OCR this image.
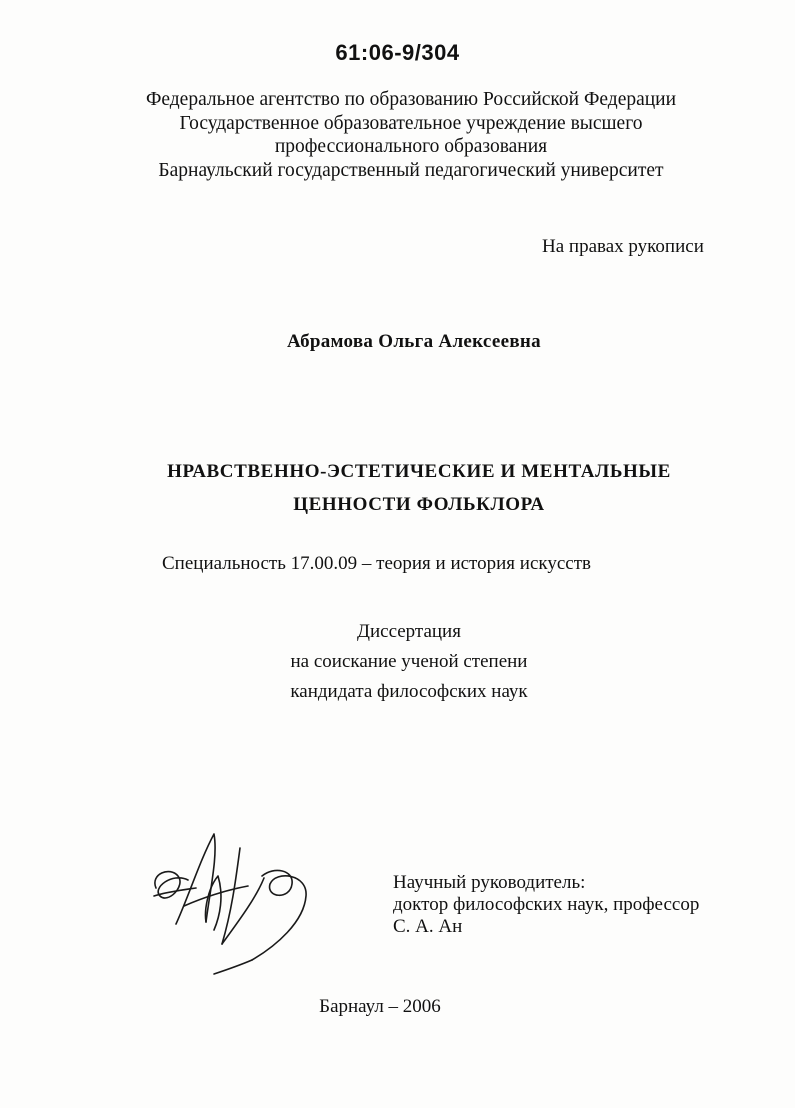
61:06-9/304
Федеральное агентство по образованию Российской Федерации
Государственное образовательное учреждение высшего
профессионального образования
Барнаульский государственный педагогический университет
На правах рукописи
Абрамова Ольга Алексеевна
НРАВСТВЕННО-ЭСТЕТИЧЕСКИЕ И МЕНТАЛЬНЫЕ
ЦЕННОСТИ ФОЛЬКЛОРА
Специальность 17.00.09 – теория и история искусств
Диссертация
на соискание ученой степени
кандидата философских наук
Научный руководитель:
доктор философских наук, профессор
С. А. Ан
Барнаул – 2006
